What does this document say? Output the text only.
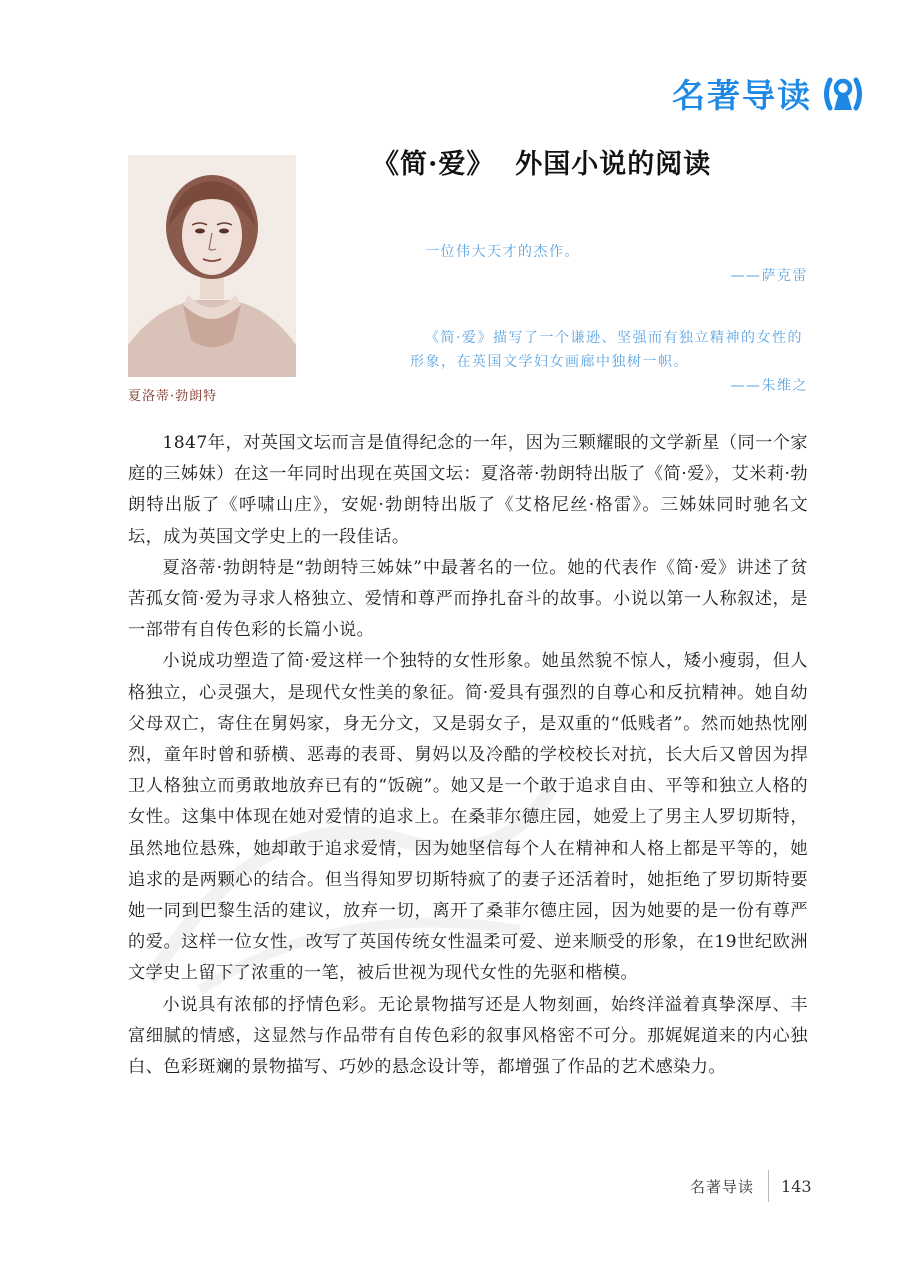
名著导读
夏洛蒂·勃朗特
《简·爱》  外国小说的阅读
一位伟大天才的杰作。
——萨克雷
《简·爱》描写了一个谦逊、坚强而有独立精神的女性的形象，在英国文学妇女画廊中独树一帜。
——朱维之

1847年，对英国文坛而言是值得纪念的一年，因为三颗耀眼的文学新星（同一个家庭的三姊妹）在这一年同时出现在英国文坛：夏洛蒂·勃朗特出版了《简·爱》，艾米莉·勃朗特出版了《呼啸山庄》，安妮·勃朗特出版了《艾格尼丝·格雷》。三姊妹同时驰名文坛，成为英国文学史上的一段佳话。

夏洛蒂·勃朗特是“勃朗特三姊妹”中最著名的一位。她的代表作《简·爱》讲述了贫苦孤女简·爱为寻求人格独立、爱情和尊严而挣扎奋斗的故事。小说以第一人称叙述，是一部带有自传色彩的长篇小说。

小说成功塑造了简·爱这样一个独特的女性形象。她虽然貌不惊人，矮小瘦弱，但人格独立，心灵强大，是现代女性美的象征。简·爱具有强烈的自尊心和反抗精神。她自幼父母双亡，寄住在舅妈家，身无分文，又是弱女子，是双重的“低贱者”。然而她热忱刚烈，童年时曾和骄横、恶毒的表哥、舅妈以及冷酷的学校校长对抗，长大后又曾因为捍卫人格独立而勇敢地放弃已有的“饭碗”。她又是一个敢于追求自由、平等和独立人格的女性。这集中体现在她对爱情的追求上。在桑菲尔德庄园，她爱上了男主人罗切斯特，虽然地位悬殊，她却敢于追求爱情，因为她坚信每个人在精神和人格上都是平等的，她追求的是两颗心的结合。但当得知罗切斯特疯了的妻子还活着时，她拒绝了罗切斯特要她一同到巴黎生活的建议，放弃一切，离开了桑菲尔德庄园，因为她要的是一份有尊严的爱。这样一位女性，改写了英国传统女性温柔可爱、逆来顺受的形象，在19世纪欧洲文学史上留下了浓重的一笔，被后世视为现代女性的先驱和楷模。

小说具有浓郁的抒情色彩。无论景物描写还是人物刻画，始终洋溢着真挚深厚、丰富细腻的情感，这显然与作品带有自传色彩的叙事风格密不可分。那娓娓道来的内心独白、色彩斑斓的景物描写、巧妙的悬念设计等，都增强了作品的艺术感染力。

名著导读 143
